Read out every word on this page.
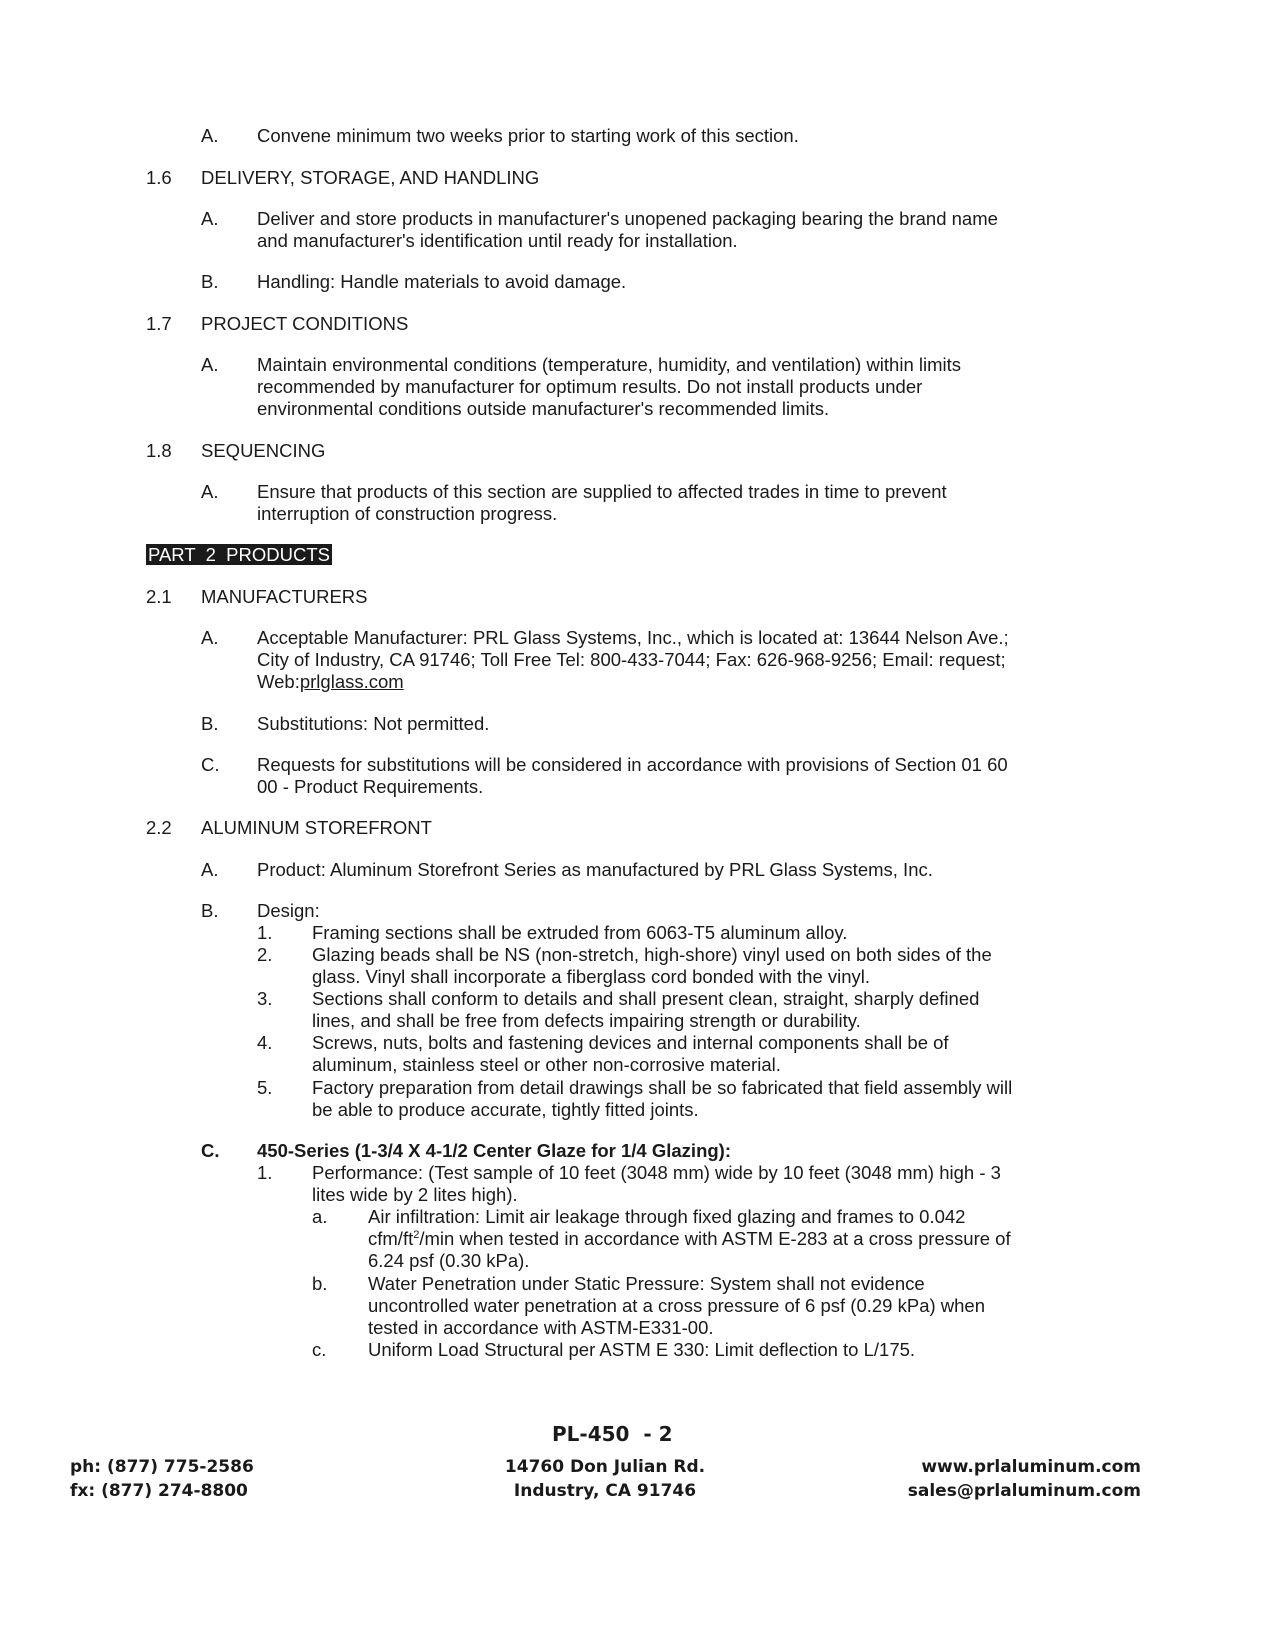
A. Convene minimum two weeks prior to starting work of this section.
1.6 DELIVERY, STORAGE, AND HANDLING
A. Deliver and store products in manufacturer's unopened packaging bearing the brand name
and manufacturer's identification until ready for installation.
B. Handling: Handle materials to avoid damage.
1.7 PROJECT CONDITIONS
A. Maintain environmental conditions (temperature, humidity, and ventilation) within limits
recommended by manufacturer for optimum results. Do not install products under
environmental conditions outside manufacturer's recommended limits.
1.8 SEQUENCING
A. Ensure that products of this section are supplied to affected trades in time to prevent
interruption of construction progress.
PART  2  PRODUCTS
2.1 MANUFACTURERS
A. Acceptable Manufacturer: PRL Glass Systems, Inc., which is located at: 13644 Nelson Ave.;
City of Industry, CA 91746; Toll Free Tel: 800-433-7044; Fax: 626-968-9256; Email: request;
Web:prlglass.com
B. Substitutions: Not permitted.
C. Requests for substitutions will be considered in accordance with provisions of Section 01 60
00 - Product Requirements.
2.2 ALUMINUM STOREFRONT
A. Product: Aluminum Storefront Series as manufactured by PRL Glass Systems, Inc.
B. Design:
1. Framing sections shall be extruded from 6063-T5 aluminum alloy.
2. Glazing beads shall be NS (non-stretch, high-shore) vinyl used on both sides of the
glass. Vinyl shall incorporate a fiberglass cord bonded with the vinyl.
3. Sections shall conform to details and shall present clean, straight, sharply defined
lines, and shall be free from defects impairing strength or durability.
4. Screws, nuts, bolts and fastening devices and internal components shall be of
aluminum, stainless steel or other non-corrosive material.
5. Factory preparation from detail drawings shall be so fabricated that field assembly will
be able to produce accurate, tightly fitted joints.
C. 450-Series (1-3/4 X 4-1/2 Center Glaze for 1/4 Glazing):
1. Performance: (Test sample of 10 feet (3048 mm) wide by 10 feet (3048 mm) high - 3
lites wide by 2 lites high).
a. Air infiltration: Limit air leakage through fixed glazing and frames to 0.042
cfm/$ft^2/\min$ when tested in accordance with ASTM E-283 at a cross pressure of
6.24 psf (0.30 kPa).
b. Water Penetration under Static Pressure: System shall not evidence
uncontrolled water penetration at a cross pressure of 6 psf (0.29 kPa) when
tested in accordance with ASTM-E331-00.
c. Uniform Load Structural per ASTM E 330: Limit deflection to L/175.
PL-450  - 2
ph: (877) 775-2586
fx: (877) 274-8800
14760 Don Julian Rd.
Industry, CA 91746
www.prlaluminum.com
sales@prlaluminum.com
